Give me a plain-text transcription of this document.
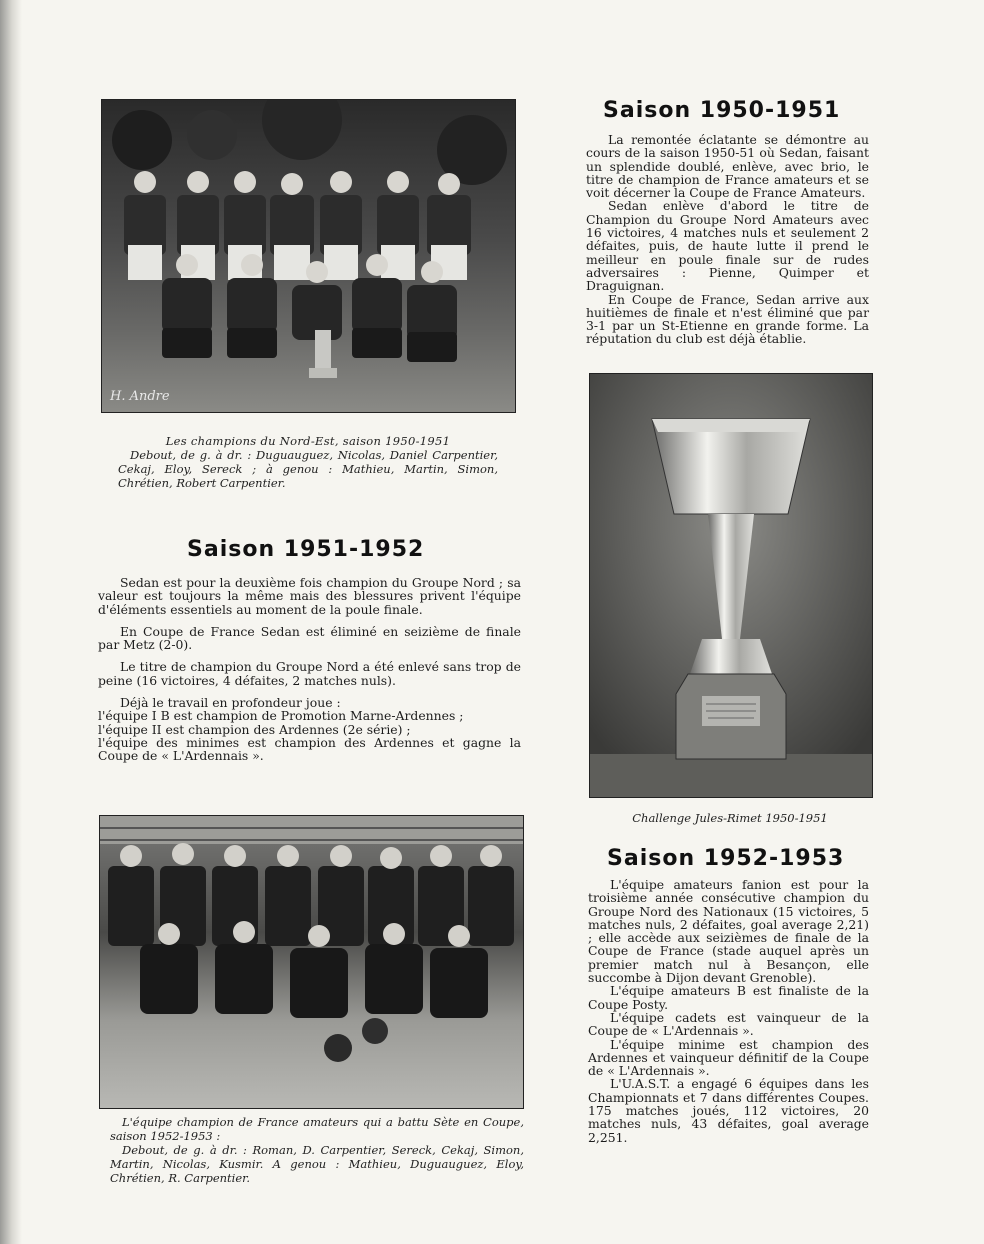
H. Andre
Les champions du Nord-Est, saison 1950-1951
Debout, de g. à dr. : Duguauguez, Nicolas, Daniel Carpentier, Cekaj, Eloy, Sereck ; à genou : Mathieu, Martin, Simon, Chrétien, Robert Carpentier.
Saison 1950-1951

La remontée éclatante se démontre au cours de la saison 1950-51 où Sedan, faisant un splendide doublé, enlève, avec brio, le titre de champion de France amateurs et se voit décerner la Coupe de France Amateurs.

Sedan enlève d'abord le titre de Champion du Groupe Nord Amateurs avec 16 victoires, 4 matches nuls et seulement 2 défaites, puis, de haute lutte il prend le meilleur en poule finale sur de rudes adversaires : Pienne, Quimper et Draguignan.

En Coupe de France, Sedan arrive aux huitièmes de finale et n'est éliminé que par 3-1 par un St-Etienne en grande forme. La réputation du club est déjà établie.

Challenge Jules-Rimet 1950-1951
Saison 1951-1952

Sedan est pour la deuxième fois champion du Groupe Nord ; sa valeur est toujours la même mais des blessures privent l'équipe d'éléments essentiels au moment de la poule finale.

En Coupe de France Sedan est éliminé en seizième de finale par Metz (2-0).

Le titre de champion du Groupe Nord a été enlevé sans trop de peine (16 victoires, 4 défaites, 2 matches nuls).

Déjà le travail en profondeur joue :

l'équipe I B est champion de Promotion Marne-Ardennes ;
l'équipe II est champion des Ardennes (2e série) ;
l'équipe des minimes est champion des Ardennes et gagne la Coupe de « L'Ardennais ».
L'équipe champion de France amateurs qui a battu Sète en Coupe, saison 1952-1953 :
Debout, de g. à dr. : Roman, D. Carpentier, Sereck, Cekaj, Simon, Martin, Nicolas, Kusmir. A genou : Mathieu, Duguauguez, Eloy, Chrétien, R. Carpentier.
Saison 1952-1953

L'équipe amateurs fanion est pour la troisième année consécutive champion du Groupe Nord des Nationaux (15 victoires, 5 matches nuls, 2 défaites, goal average 2,21) ; elle accède aux seizièmes de finale de la Coupe de France (stade auquel après un premier match nul à Besançon, elle succombe à Dijon devant Grenoble).

L'équipe amateurs B est finaliste de la Coupe Posty.

L'équipe cadets est vainqueur de la Coupe de « L'Ardennais ».

L'équipe minime est champion des Ardennes et vainqueur définitif de la Coupe de « L'Ardennais ».

L'U.A.S.T. a engagé 6 équipes dans les Championnats et 7 dans différentes Coupes. 175 matches joués, 112 victoires, 20 matches nuls, 43 défaites, goal average 2,251.
